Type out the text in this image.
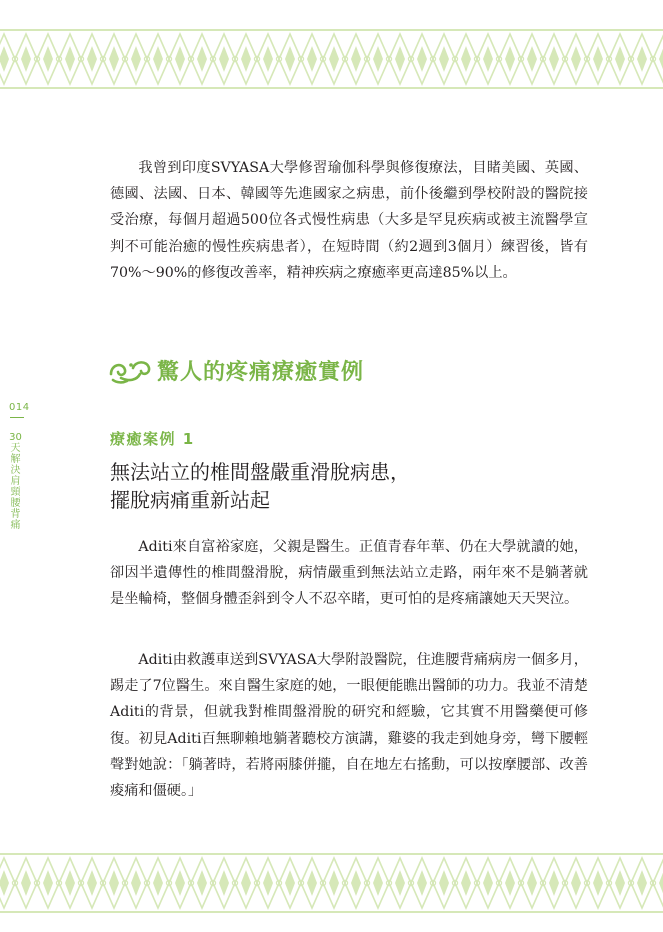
014
30天解決肩頸腰背痛

我曾到印度SVYASA大學修習瑜伽科學與修復療法，目睹美國、英國、德國、法國、日本、韓國等先進國家之病患，前仆後繼到學校附設的醫院接受治療，每個月超過500位各式慢性病患（大多是罕見疾病或被主流醫學宣判不可能治癒的慢性疾病患者），在短時間（約2週到3個月）練習後，皆有70%～90%的修復改善率，精神疾病之療癒率更高達85%以上。

驚人的疼痛療癒實例
療癒案例 1
無法站立的椎間盤嚴重滑脫病患，
擺脫病痛重新站起

Aditi來自富裕家庭，父親是醫生。正值青春年華、仍在大學就讀的她，卻因半遺傳性的椎間盤滑脫，病情嚴重到無法站立走路，兩年來不是躺著就是坐輪椅，整個身體歪斜到令人不忍卒睹，更可怕的是疼痛讓她天天哭泣。

Aditi由救護車送到SVYASA大學附設醫院，住進腰背痛病房一個多月，踢走了7位醫生。來自醫生家庭的她，一眼便能瞧出醫師的功力。我並不清楚Aditi的背景，但就我對椎間盤滑脫的研究和經驗，它其實不用醫藥便可修復。初見Aditi百無聊賴地躺著聽校方演講，雞婆的我走到她身旁，彎下腰輕聲對她說：「躺著時，若將兩膝併攏，自在地左右搖動，可以按摩腰部、改善痠痛和僵硬。」
